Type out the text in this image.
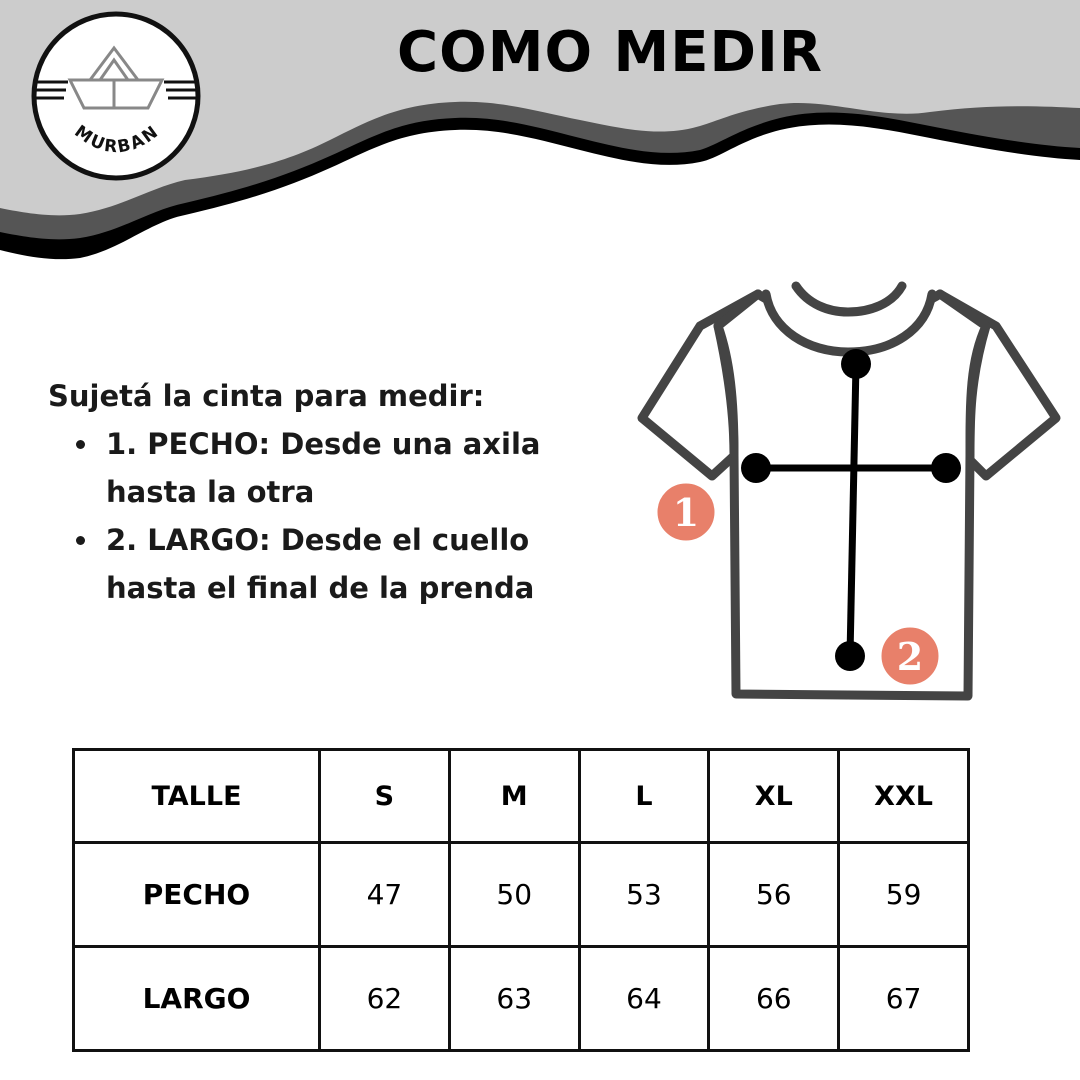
COMO MEDIR
MURBAN

Sujetá la cinta para medir:

1. PECHO: Desde una axila hasta la otra
2. LARGO: Desde el cuello hasta el final de la prenda
1
2
TALLE	S	M	L	XL	XXL
PECHO	47	50	53	56	59
LARGO	62	63	64	66	67
